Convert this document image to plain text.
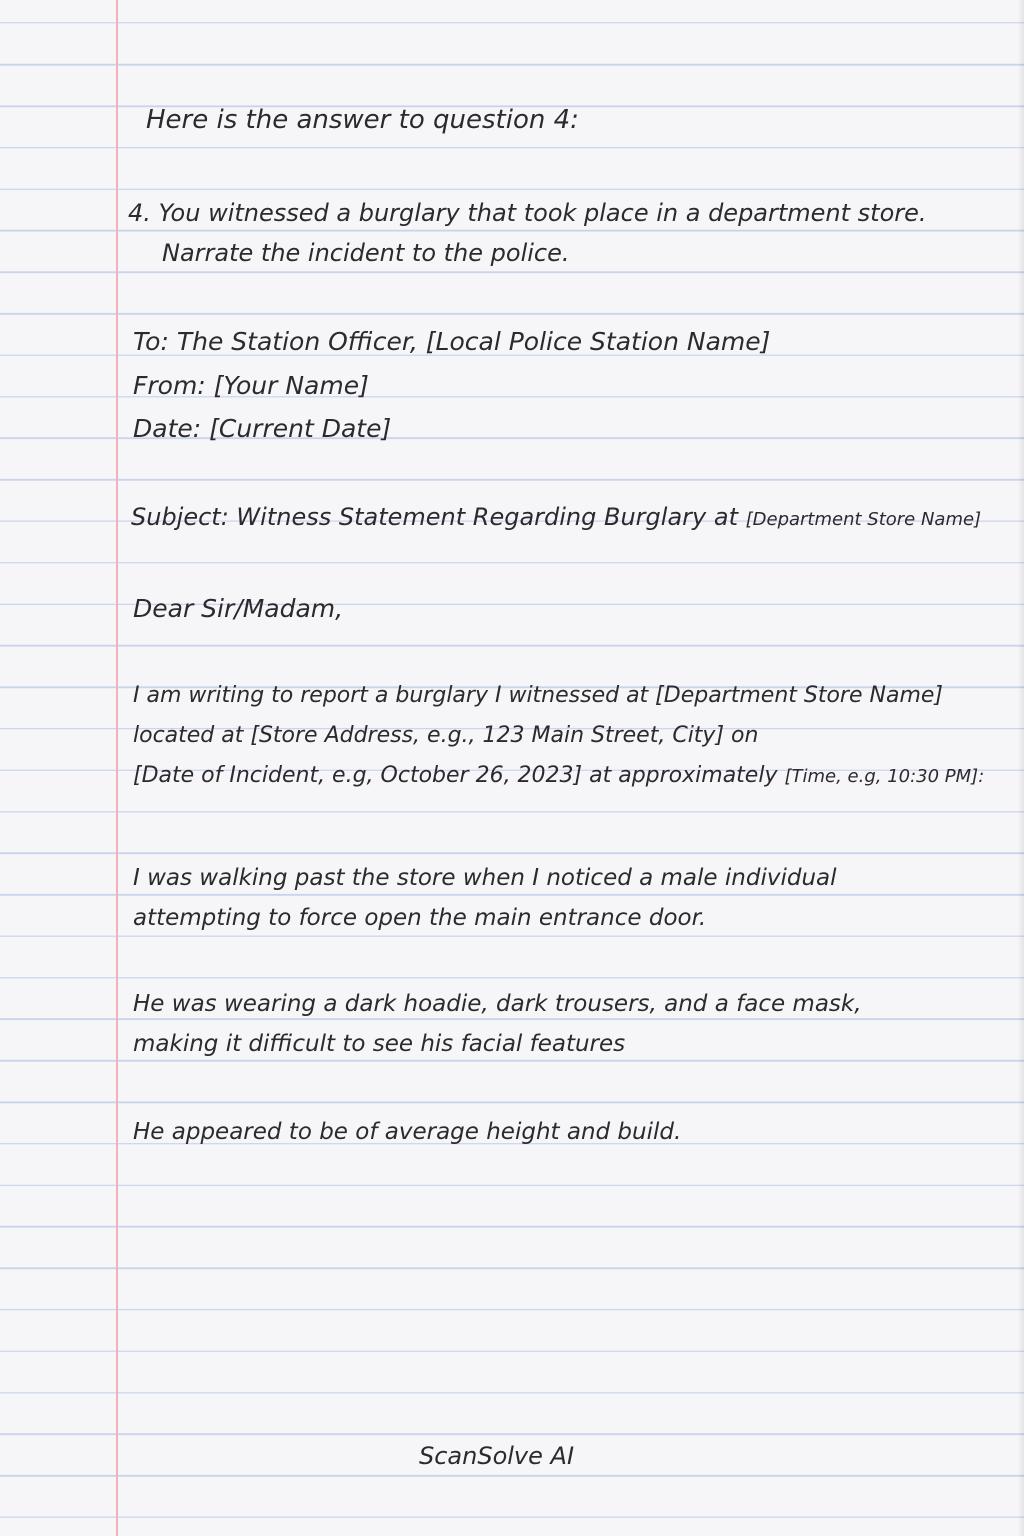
Here is the answer to question 4:

4. You witnessed a burglary that took place in a department store.
Narrate the incident to the police.

To: The Station Officer, [Local Police Station Name]

From: [Your Name]

Date: [Current Date]

Subject: Witness Statement Regarding Burglary at [Department Store Name]

Dear Sir/Madam,

I am writing to report a burglary I witnessed at [Department Store Name]
located at [Store Address, e.g., 123 Main Street, City] on
[Date of Incident, e.g, October 26, 2023] at approximately [Time, e.g, 10:30 PM]:

I was walking past the store when I noticed a male individual
attempting to force open the main entrance door.

He was wearing a dark hoadie, dark trousers, and a face mask,
making it difficult to see his facial features

He appeared to be of average height and build.

ScanSolve AI
